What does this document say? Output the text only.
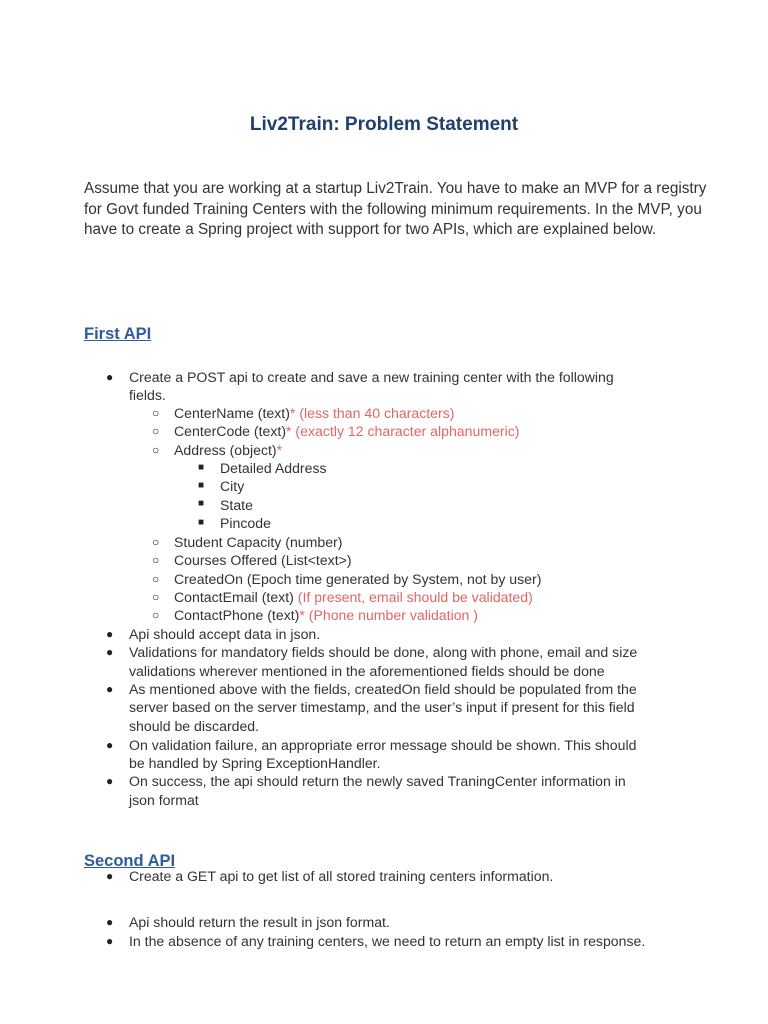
Liv2Train: Problem Statement
Assume that you are working at a startup Liv2Train. You have to make an MVP for a registry for Govt funded Training Centers with the following minimum requirements. In the MVP, you have to create a Spring project with support for two APIs, which are explained below.
First API
● Create a POST api to create and save a new training center with the following
fields.
○ CenterName (text)* (less than 40 characters)
○ CenterCode (text)* (exactly 12 character alphanumeric)
○ Address (object)*
■ Detailed Address
■ City
■ State
■ Pincode
○ Student Capacity (number)
○ Courses Offered (List<text>)
○ CreatedOn (Epoch time generated by System, not by user)
○ ContactEmail (text) (If present, email should be validated)
○ ContactPhone (text)* (Phone number validation )
● Api should accept data in json.
● Validations for mandatory fields should be done, along with phone, email and size
validations wherever mentioned in the aforementioned fields should be done
● As mentioned above with the fields, createdOn field should be populated from the
server based on the server timestamp, and the user’s input if present for this field
should be discarded.
● On validation failure, an appropriate error message should be shown. This should
be handled by Spring ExceptionHandler.
● On success, the api should return the newly saved TraningCenter information in
json format
Second API
● Create a GET api to get list of all stored training centers information.
● Api should return the result in json format.
● In the absence of any training centers, we need to return an empty list in response.
